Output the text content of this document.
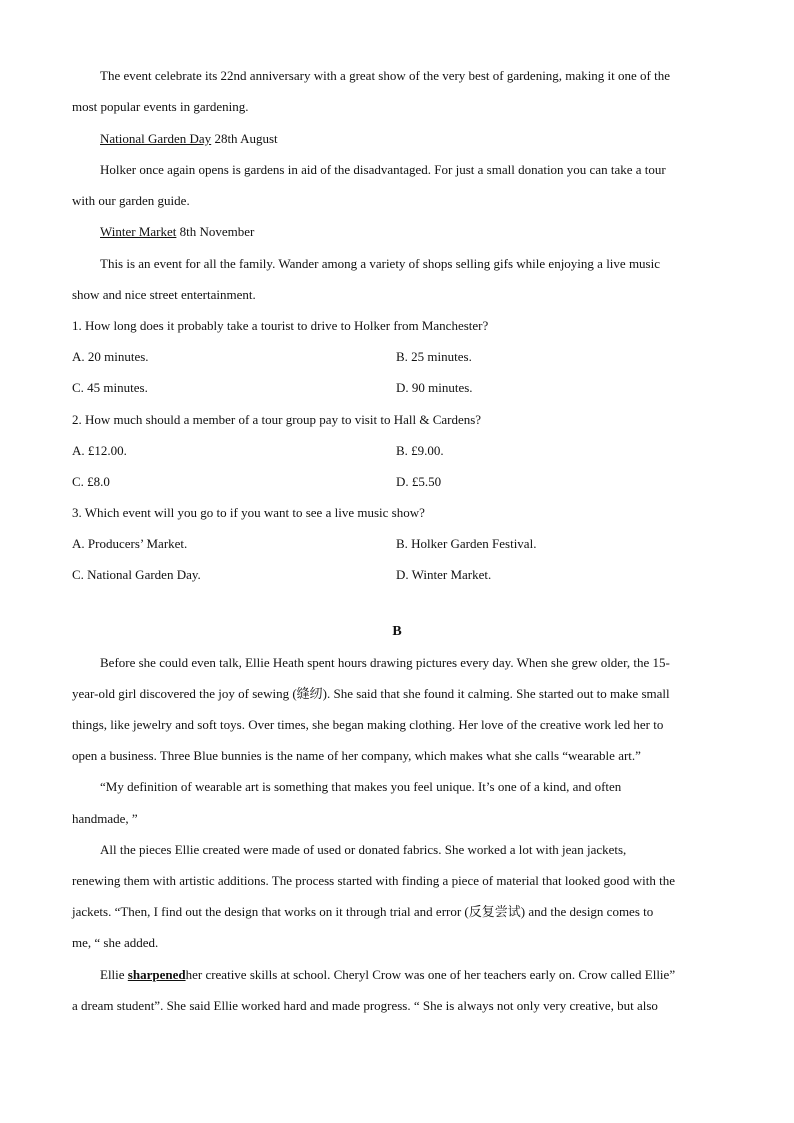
The event celebrate its 22nd anniversary with a great show of the very best of gardening, making it one of the
most popular events in gardening.
National Garden Day 28th August
Holker once again opens is gardens in aid of the disadvantaged. For just a small donation you can take a tour
with our garden guide.
Winter Market 8th November
This is an event for all the family. Wander among a variety of shops selling gifs while enjoying a live music
show and nice street entertainment.
1. How long does it probably take a tourist to drive to Holker from Manchester?
A. 20 minutes.	B. 25 minutes.
C. 45 minutes.	D. 90 minutes.
2. How much should a member of a tour group pay to visit to Hall & Cardens?
A. £12.00.	B. £9.00.
C. £8.0	D. £5.50
3. Which event will you go to if you want to see a live music show?
A. Producers’ Market.	B. Holker Garden Festival.
C. National Garden Day.	D. Winter Market.
B
Before she could even talk, Ellie Heath spent hours drawing pictures every day. When she grew older, the 15-
year-old girl discovered the joy of sewing (缝纫). She said that she found it calming. She started out to make small
things, like jewelry and soft toys. Over times, she began making clothing. Her love of the creative work led her to
open a business. Three Blue bunnies is the name of her company, which makes what she calls “wearable art.”
“My definition of wearable art is something that makes you feel unique. It’s one of a kind, and often
handmade, ”
All the pieces Ellie created were made of used or donated fabrics. She worked a lot with jean jackets,
renewing them with artistic additions. The process started with finding a piece of material that looked good with the
jackets. “Then, I find out the design that works on it through trial and error (反复尝试) and the design comes to
me, “ she added.
Ellie sharpenedher creative skills at school. Cheryl Crow was one of her teachers early on. Crow called Ellie”
a dream student”. She said Ellie worked hard and made progress. “ She is always not only very creative, but also
